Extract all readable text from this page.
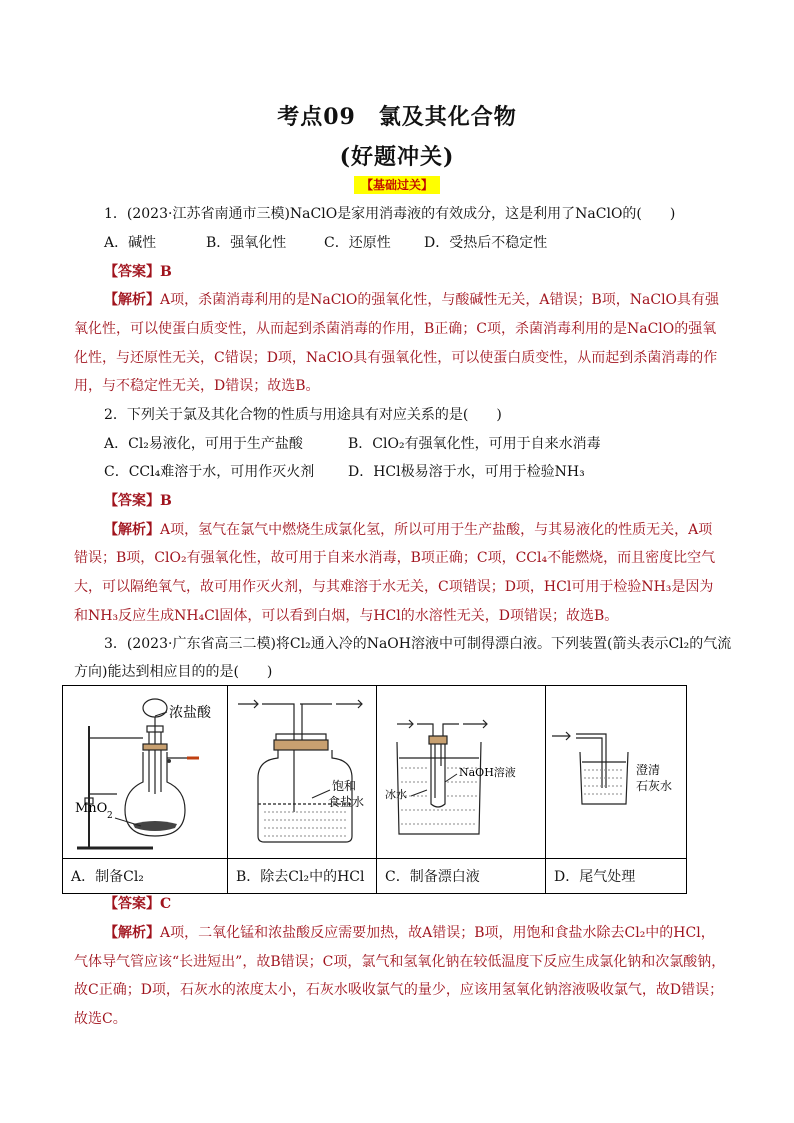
考点09　氯及其化合物
(好题冲关)
【基础过关】
1．(2023·江苏省南通市三模)NaClO是家用消毒液的有效成分，这是利用了NaClO的(　　)
A．碱性	B．强氧化性	C．还原性 D．受热后不稳定性
【答案】B
【解析】A项，杀菌消毒利用的是NaClO的强氧化性，与酸碱性无关，A错误；B项，NaClO具有强
氧化性，可以使蛋白质变性，从而起到杀菌消毒的作用，B正确；C项，杀菌消毒利用的是NaClO的强氧
化性，与还原性无关，C错误；D项，NaClO具有强氧化性，可以使蛋白质变性，从而起到杀菌消毒的作
用，与不稳定性无关，D错误；故选B。
2．下列关于氯及其化合物的性质与用途具有对应关系的是(　　)
A．Cl₂易液化，可用于生产盐酸	B．ClO₂有强氧化性，可用于自来水消毒
C．CCl₄难溶于水，可用作灭火剂 D．HCl极易溶于水，可用于检验NH₃
【答案】B
【解析】A项，氢气在氯气中燃烧生成氯化氢，所以可用于生产盐酸，与其易液化的性质无关，A项
错误；B项，ClO₂有强氧化性，故可用于自来水消毒，B项正确；C项，CCl₄不能燃烧，而且密度比空气
大，可以隔绝氧气，故可用作灭火剂，与其难溶于水无关，C项错误；D项，HCl可用于检验NH₃是因为
和NH₃反应生成NH₄Cl固体，可以看到白烟，与HCl的水溶性无关，D项错误；故选B。
3．(2023·广东省高三二模)将Cl₂通入冷的NaOH溶液中可制得漂白液。下列装置(箭头表示Cl₂的气流
方向)能达到相应目的的是(　　)
浓盐酸
MnO 2	饱和
食盐水	NaOH溶液
冰水	澄清
石灰水

A．制备Cl₂	B．除去Cl₂中的HCl	C．制备漂白液	D．尾气处理
【答案】C
【解析】A项，二氧化锰和浓盐酸反应需要加热，故A错误；B项，用饱和食盐水除去Cl₂中的HCl，
气体导气管应该“长进短出”，故B错误；C项，氯气和氢氧化钠在较低温度下反应生成氯化钠和次氯酸钠，
故C正确；D项，石灰水的浓度太小，石灰水吸收氯气的量少，应该用氢氧化钠溶液吸收氯气，故D错误；
故选C。
